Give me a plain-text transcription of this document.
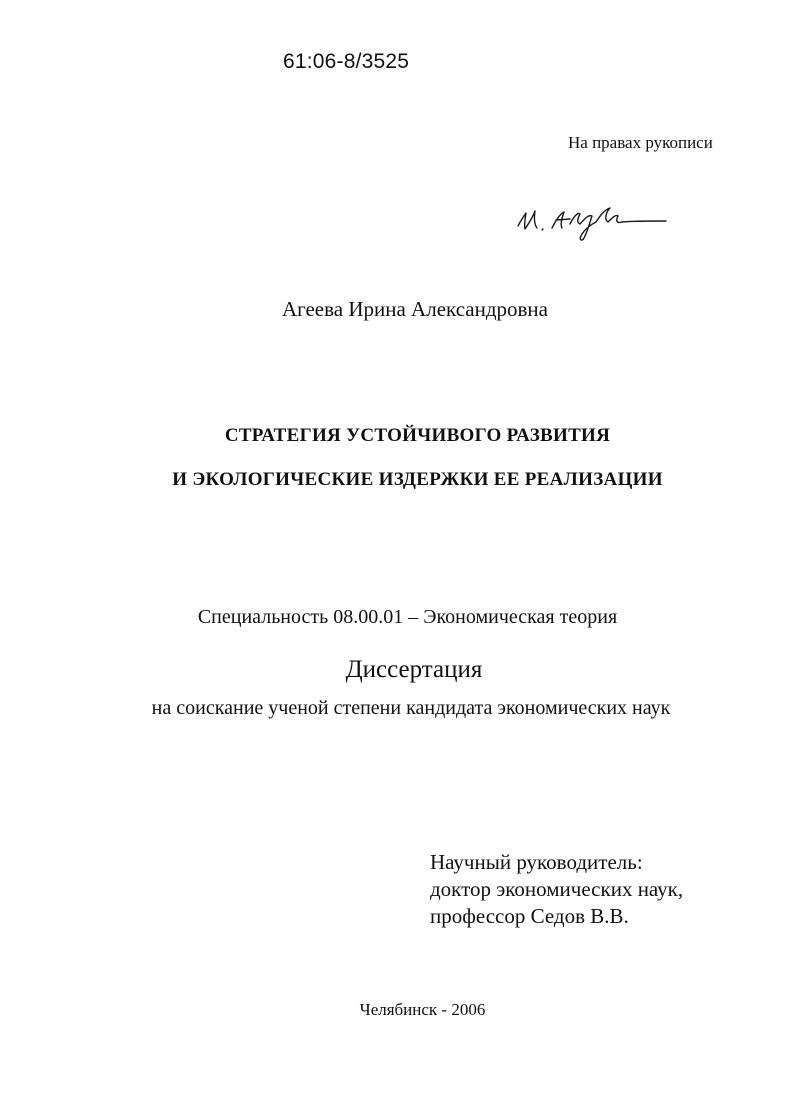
61:06-8/3525
На правах рукописи
Агеева Ирина Александровна
СТРАТЕГИЯ УСТОЙЧИВОГО РАЗВИТИЯ
И ЭКОЛОГИЧЕСКИЕ ИЗДЕРЖКИ ЕЕ РЕАЛИЗАЦИИ
Специальность 08.00.01 – Экономическая теория
Диссертация
на соискание ученой степени кандидата экономических наук
Научный руководитель:
доктор экономических наук,
профессор Седов В.В.
Челябинск - 2006
